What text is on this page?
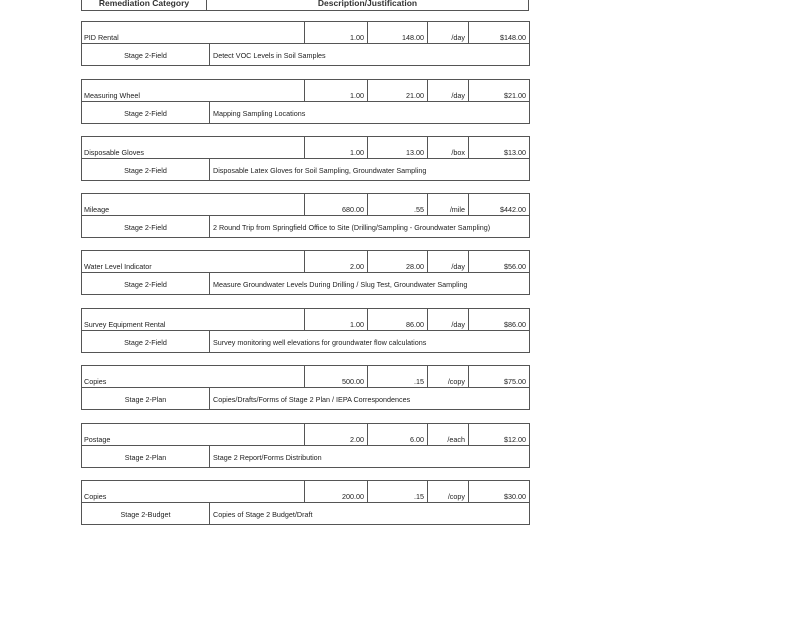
Remediation Category	Description/Justification
PID Rental	1.00	148.00	/day	$148.00
Stage 2-Field	Detect VOC Levels in Soil Samples
Measuring Wheel	1.00	21.00	/day	$21.00
Stage 2-Field	Mapping Sampling Locations
Disposable Gloves	1.00	13.00	/box	$13.00
Stage 2-Field	Disposable Latex Gloves for Soil Sampling, Groundwater Sampling
Mileage	680.00	.55	/mile	$442.00
Stage 2-Field	2 Round Trip from Springfield Office to Site (Drilling/Sampling - Groundwater Sampling)
Water Level Indicator	2.00	28.00	/day	$56.00
Stage 2-Field	Measure Groundwater Levels During Drilling / Slug Test, Groundwater Sampling
Survey Equipment Rental	1.00	86.00	/day	$86.00
Stage 2-Field	Survey monitoring well elevations for groundwater flow calculations
Copies	500.00	.15	/copy	$75.00
Stage 2-Plan	Copies/Drafts/Forms of Stage 2 Plan / IEPA Correspondences
Postage	2.00	6.00	/each	$12.00
Stage 2-Plan	Stage 2 Report/Forms Distribution
Copies	200.00	.15	/copy	$30.00
Stage 2-Budget	Copies of Stage 2 Budget/Draft
